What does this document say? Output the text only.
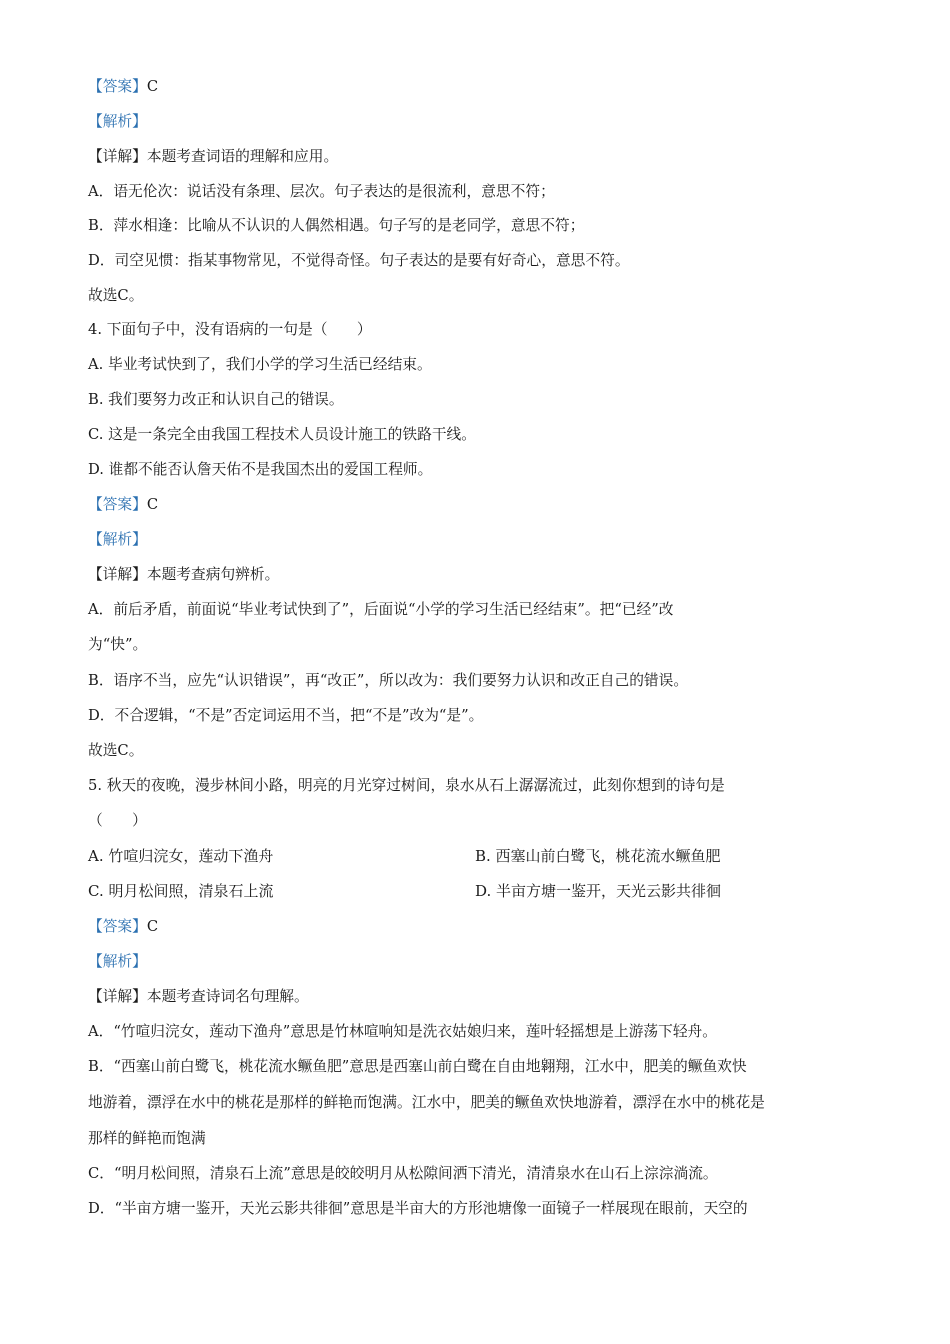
【答案】C
【解析】
【详解】本题考查词语的理解和应用。
A．语无伦次：说话没有条理、层次。句子表达的是很流利，意思不符；
B．萍水相逢：比喻从不认识的人偶然相遇。句子写的是老同学，意思不符；
D．司空见惯：指某事物常见，不觉得奇怪。句子表达的是要有好奇心，意思不符。
故选C。
4. 下面句子中，没有语病的一句是（　　）
A. 毕业考试快到了，我们小学的学习生活已经结束。
B. 我们要努力改正和认识自己的错误。
C. 这是一条完全由我国工程技术人员设计施工的铁路干线。
D. 谁都不能否认詹天佑不是我国杰出的爱国工程师。
【答案】C
【解析】
【详解】本题考查病句辨析。
A．前后矛盾，前面说“毕业考试快到了”，后面说“小学的学习生活已经结束”。把“已经”改
为“快”。
B．语序不当，应先“认识错误”，再“改正”，所以改为：我们要努力认识和改正自己的错误。
D．不合逻辑，“不是”否定词运用不当，把“不是”改为“是”。
故选C。
5. 秋天的夜晚，漫步林间小路，明亮的月光穿过树间，泉水从石上潺潺流过，此刻你想到的诗句是
（　　）
A. 竹喧归浣女，莲动下渔舟	B. 西塞山前白鹭飞，桃花流水鳜鱼肥
C. 明月松间照，清泉石上流	D. 半亩方塘一鉴开，天光云影共徘徊
【答案】C
【解析】
【详解】本题考查诗词名句理解。
A．“竹喧归浣女，莲动下渔舟”意思是竹林喧响知是洗衣姑娘归来，莲叶轻摇想是上游荡下轻舟。
B．“西塞山前白鹭飞，桃花流水鳜鱼肥”意思是西塞山前白鹭在自由地翱翔，江水中，肥美的鳜鱼欢快
地游着，漂浮在水中的桃花是那样的鲜艳而饱满。江水中，肥美的鳜鱼欢快地游着，漂浮在水中的桃花是
那样的鲜艳而饱满
C．“明月松间照，清泉石上流”意思是皎皎明月从松隙间洒下清光，清清泉水在山石上淙淙淌流。
D．“半亩方塘一鉴开，天光云影共徘徊”意思是半亩大的方形池塘像一面镜子一样展现在眼前，天空的
